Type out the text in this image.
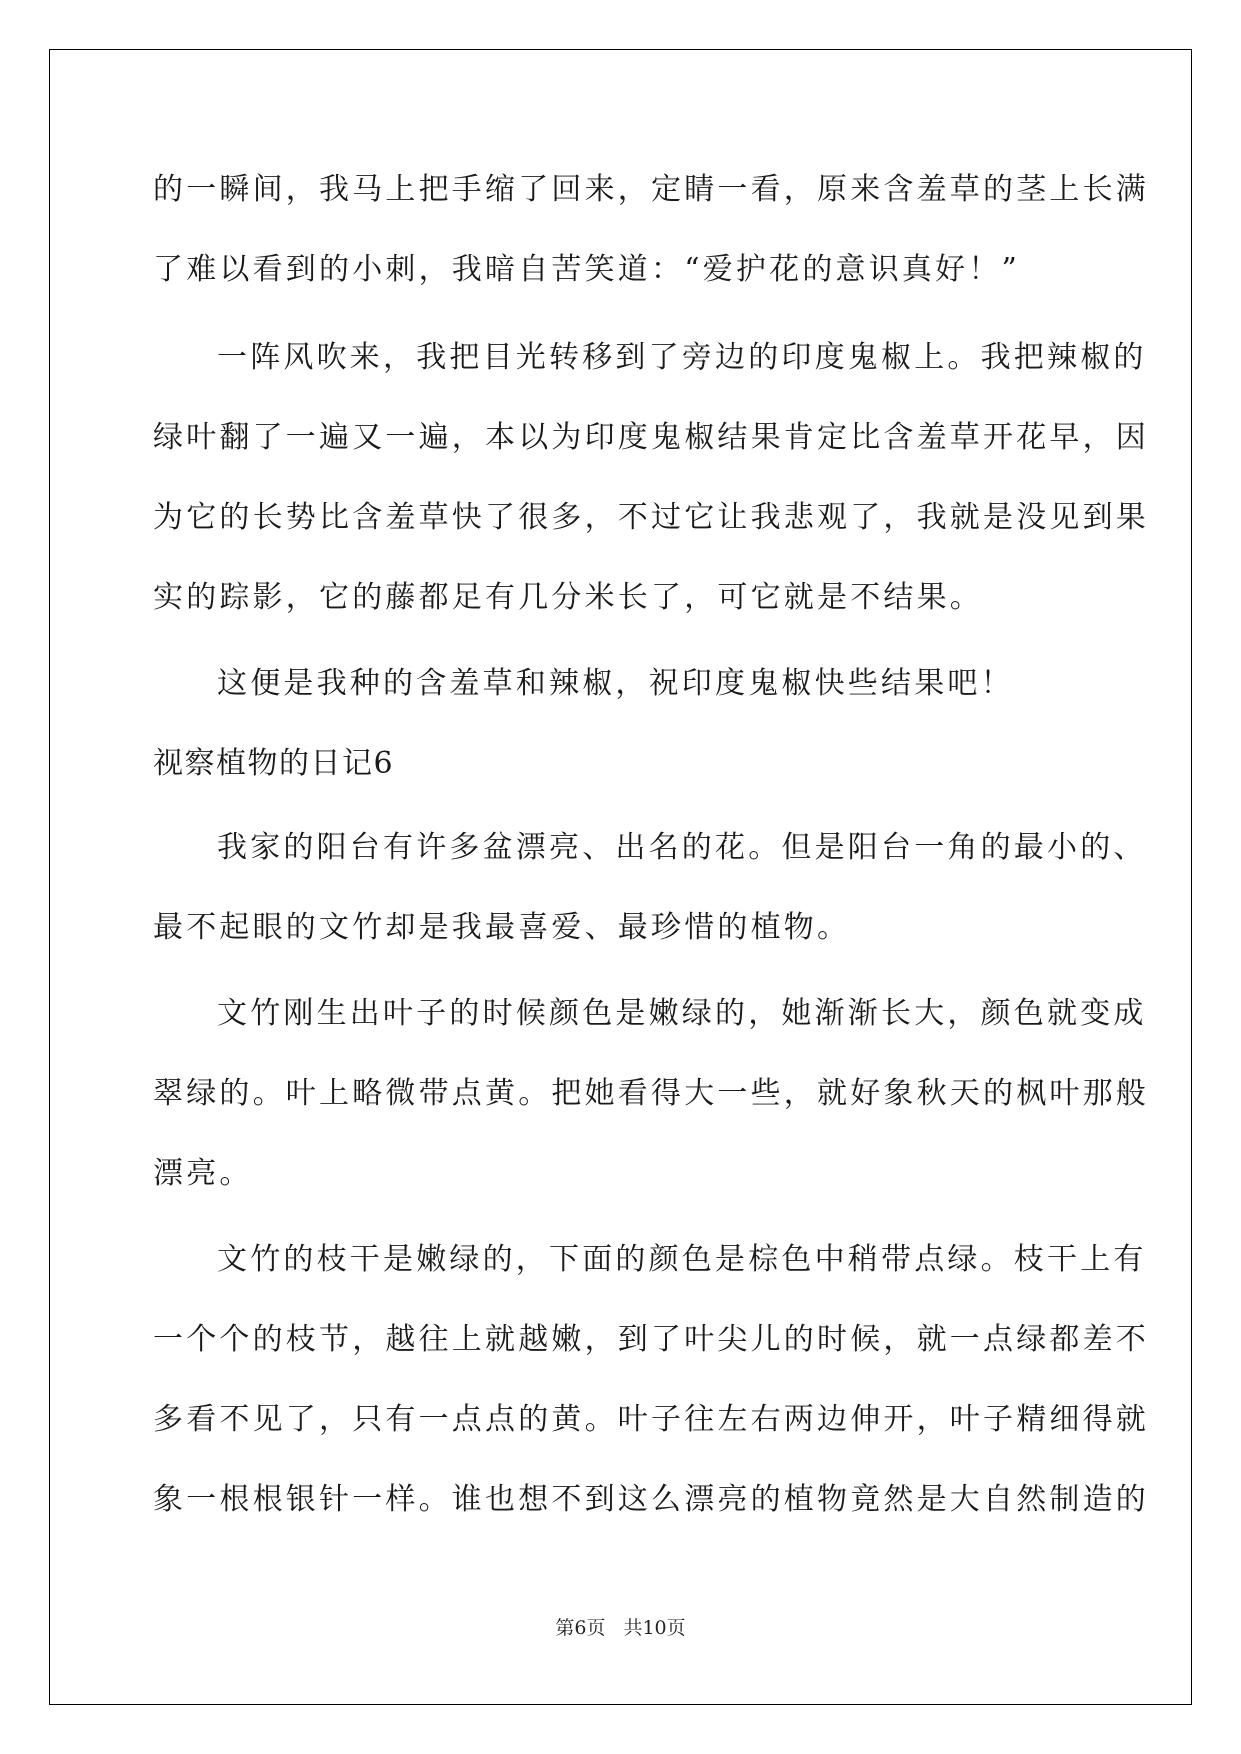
的一瞬间，我马上把手缩了回来，定睛一看，原来含羞草的茎上长满
了难以看到的小刺，我暗自苦笑道：“爱护花的意识真好！”
一阵风吹来，我把目光转移到了旁边的印度鬼椒上。我把辣椒的
绿叶翻了一遍又一遍，本以为印度鬼椒结果肯定比含羞草开花早，因
为它的长势比含羞草快了很多，不过它让我悲观了，我就是没见到果
实的踪影，它的藤都足有几分米长了，可它就是不结果。
这便是我种的含羞草和辣椒，祝印度鬼椒快些结果吧！
视察植物的日记6
我家的阳台有许多盆漂亮、出名的花。但是阳台一角的最小的、
最不起眼的文竹却是我最喜爱、最珍惜的植物。
文竹刚生出叶子的时候颜色是嫩绿的，她渐渐长大，颜色就变成
翠绿的。叶上略微带点黄。把她看得大一些，就好象秋天的枫叶那般
漂亮。
文竹的枝干是嫩绿的，下面的颜色是棕色中稍带点绿。枝干上有
一个个的枝节，越往上就越嫩，到了叶尖儿的时候，就一点绿都差不
多看不见了，只有一点点的黄。叶子往左右两边伸开，叶子精细得就
象一根根银针一样。谁也想不到这么漂亮的植物竟然是大自然制造的
第6页 共10页
